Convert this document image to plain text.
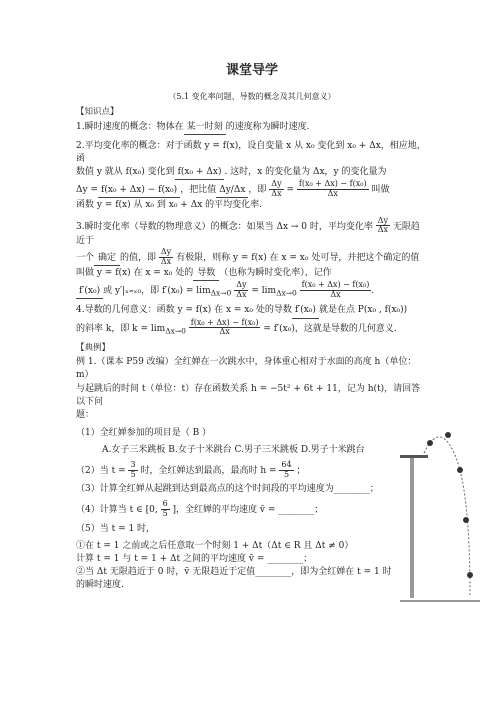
课堂导学
（5.1 变化率问题、导数的概念及其几何意义）
【知识点】

1.瞬时速度的概念：物体在 某一时刻 的速度称为瞬时速度.

2.平均变化率的概念：对于函数 y = f(x)，设自变量 x 从 x₀ 变化到 x₀ + Δx，相应地，函
数值 y 就从 f(x₀) 变化到 f(x₀ + Δx) . 这时，x 的变化量为 Δx，y 的变化量为
Δy = f(x₀ + Δx) − f(x₀) ，把比值 Δy/Δx ，即 $\frac{\Delta y}{\Delta x} = \frac{\text{f(x₀ + Δx) − f(x₀)}}{\Delta x}$ 叫做
函数 y = f(x) 从 x₀ 到 x₀ + Δx 的平均变化率.

3.瞬时变化率（导数的物理意义）的概念：如果当 Δx → 0 时，平均变化率 $\frac{\Delta y}{\Delta x}$ 无限趋近于
一个 确定 的值，即 $\frac{\Delta y}{\Delta x}$ 有极限，则称 y = f(x) 在 x = x₀ 处可导，并把这个确定的值
叫做 y = f(x) 在 x = x₀ 处的 导数 （也称为瞬时变化率），记作
f′(x₀) 或 y′|ₓ₌ₓ₀，即 $f'(x_0) = \lim_{\Delta x\to 0} \frac{\Delta y}{\Delta x} = \lim_{\Delta x\to 0} \frac{\text{f(x₀ + Δx) − f(x₀)}}{\Delta x}$ .

4.导数的几何意义：函数 y = f(x) 在 x = x₀ 处的导数 f′(x₀) 就是在点 P(x₀ , f(x₀))
的斜率 k，即 $k = \lim_{\Delta x\to 0} \frac{\text{f(x₀ + Δx) − f(x₀)}}{\Delta x} = f'(x_0)$，这就是导数的几何意义.

【典例】

例 1.（课本 P59 改编）全红婵在一次跳水中，身体重心相对于水面的高度 h（单位：m）
与起跳后的时间 t（单位：t）存在函数关系 h = −5t² + 6t + 11，记为 h(t)，请回答以下问
题：

（1）全红婵参加的项目是（ B ）
A.女子三米跳板 B.女子十米跳台 C.男子三米跳板 D.男子十米跳台
（2）当 $t = \frac{3}{5}$ 时，全红婵达到最高，最高时 $h = \frac{64}{5}$ ；
（3）计算全红婵从起跳到达到最高点的这个时间段的平均速度为________；
（4）计算当 t ∈ [0, $\frac{6}{5}$ ]，全红婵的平均速度 v̄ = ________；
（5）当 t = 1 时,
①在 t = 1 之前或之后任意取一个时刻 1 + Δt（Δt ∈ R 且 Δt ≠ 0）
计算 t = 1 与 t = 1 + Δt 之间的平均速度 v̄ = ________；
②当 Δt 无限趋近于 0 时，v̄ 无限趋近于定值________，即为全红婵在 t = 1 时
的瞬时速度.
